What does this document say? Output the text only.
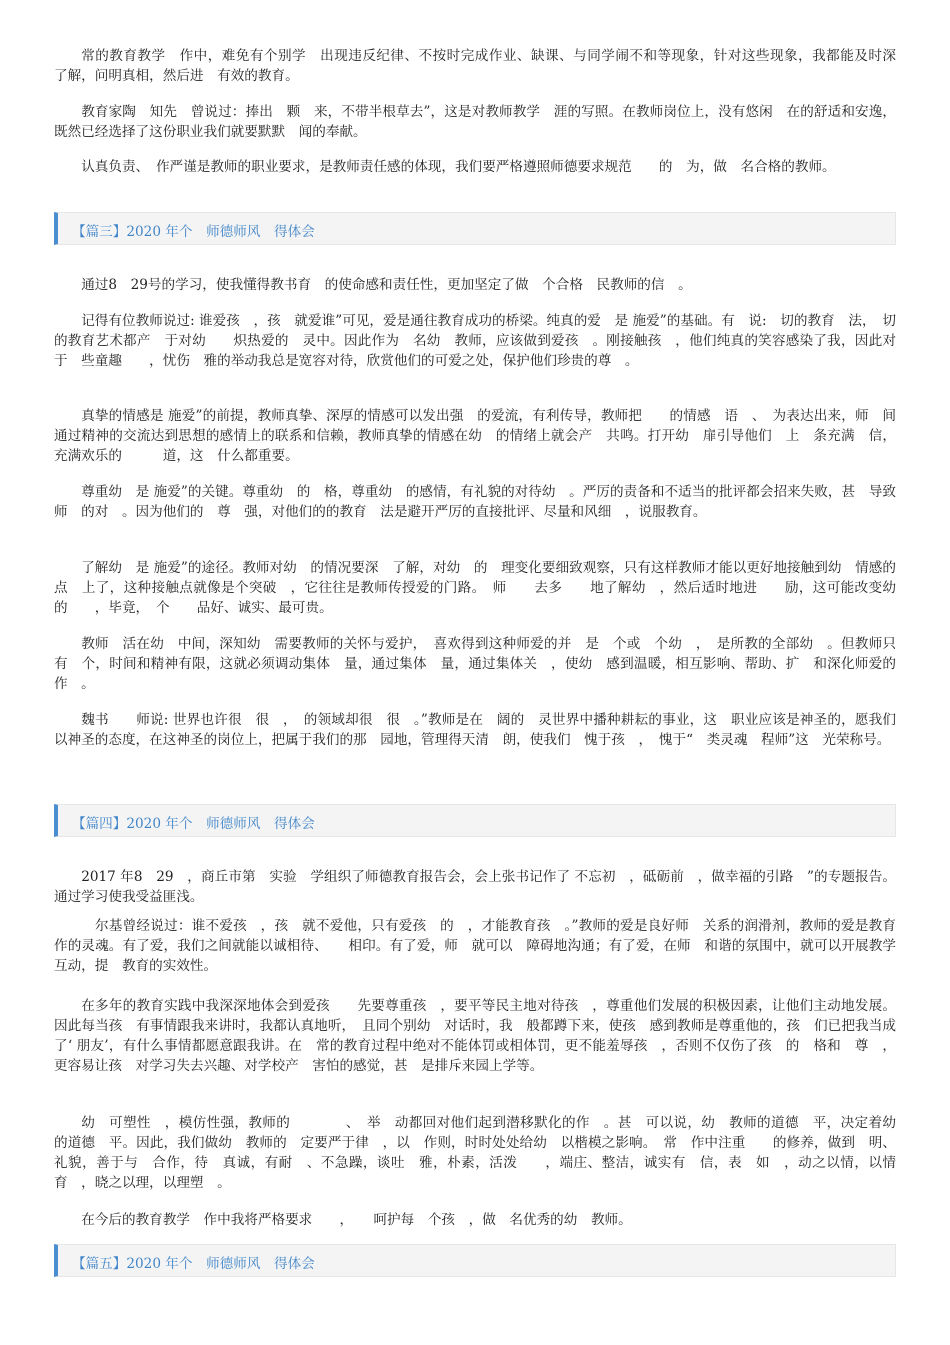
常的教育教学　作中，难免有个别学　出现违反纪律、不按时完成作业、缺课、与同学闹不和等现象，针对这些现象，我都能及时深　了解，问明真相，然后进　有效的教育。

教育家陶　知先　曾说过：捧出　颗　来，不带半根草去”，这是对教师教学　涯的写照。在教师岗位上，没有悠闲　在的舒适和安逸，既然已经选择了这份职业我们就要默默　闻的奉献。

认真负责、　作严谨是教师的职业要求，是教师责任感的体现，我们要严格遵照师德要求规范　　的　为，做　名合格的教师。

【篇三】2020 年个　师德师风　得体会

通过8　29号的学习，使我懂得教书育　的使命感和责任性，更加坚定了做　个合格　民教师的信　。

记得有位教师说过: 谁爱孩　，孩　就爱谁”可见，爱是通往教育成功的桥梁。纯真的爱　是 施爱”的基础。有　说:　切的教育　法，　切的教育艺术都产　于对幼　　炽热爱的　灵中。因此作为　名幼　教师，应该做到爱孩　。刚接触孩　，他们纯真的笑容感染了我，因此对于　些童趣　　，忧伤　雅的举动我总是宽容对待，欣赏他们的可爱之处，保护他们珍贵的尊　。

真挚的情感是 施爱”的前提，教师真挚、深厚的情感可以发出强　的爱流，有利传导，教师把　　的情感　语　、　为表达出来，师　间通过精神的交流达到思想的感情上的联系和信赖，教师真挚的情感在幼　的情绪上就会产　共鸣。打开幼　扉引导他们　上　条充满　信，充满欢乐的　　　道，这　什么都重要。

尊重幼　是 施爱”的关键。尊重幼　的　格，尊重幼　的感情，有礼貌的对待幼　。严厉的责备和不适当的批评都会招来失败，甚　导致师　的对　。因为他们的　尊　强，对他们的的教育　法是避开严厉的直接批评、尽量和风细　，说服教育。

了解幼　是 施爱”的途径。教师对幼　的情况要深　了解，对幼　的　理变化要细致观察，只有这样教师才能以更好地接触到幼　情感的点　上了，这种接触点就像是个突破　，它往往是教师传授爱的门路。　师　　去多　　地了解幼　，然后适时地进　　励，这可能改变幼　的　　，毕竟，　个　　品好、诚实、最可贵。

教师　活在幼　中间，深知幼　需要教师的关怀与爱护，　喜欢得到这种师爱的并　是　个或　个幼　，　是所教的全部幼　。但教师只有　个，时间和精神有限，这就必须调动集体　量，通过集体　量，通过集体关　，使幼　感到温暖，相互影响、帮助、扩　和深化师爱的作　。

魏书　　师说: 世界也许很　很　，　的领域却很　很　。”教师是在　阔的　灵世界中播种耕耘的事业，这　职业应该是神圣的，愿我们以神圣的态度，在这神圣的岗位上，把属于我们的那　园地，管理得天清　朗，使我们　愧于孩　，　愧于“　类灵魂　程师”这　光荣称号。

【篇四】2020 年个　师德师风　得体会

2017 年8　29　，商丘市第　实验　学组织了师德教育报告会，会上张书记作了 不忘初　，砥砺前　，做幸福的引路　”的专题报告。通过学习使我受益匪浅。

　尔基曾经说过：谁不爱孩　，孩　就不爱他，只有爱孩　的　，才能教育孩　。”教师的爱是良好师　关系的润滑剂，教师的爱是教育　作的灵魂。有了爱，我们之间就能以诚相待、　　相印。有了爱，师　就可以　障碍地沟通；有了爱，在师　和谐的氛围中，就可以开展教学互动，提　教育的实效性。

在多年的教育实践中我深深地体会到爱孩　　先要尊重孩　，要平等民主地对待孩　，尊重他们发展的积极因素，让他们主动地发展。因此每当孩　有事情跟我来讲时，我都认真地听，　且同个别幼　对话时，我　般都蹲下来，使孩　感到教师是尊重他的，孩　们已把我当成了‘ 朋友’，有什么事情都愿意跟我讲。在　常的教育过程中绝对不能体罚或相体罚，更不能羞辱孩　，否则不仅伤了孩　的　格和　尊　，更容易让孩　对学习失去兴趣、对学校产　害怕的感觉，甚　是排斥来园上学等。

幼　可塑性　，模仿性强，教师的　　　　、　举　动都回对他们起到潜移默化的作　。甚　可以说，幼　教师的道德　平，决定着幼　的道德　平。因此，我们做幼　教师的　定要严于律　，以　作则，时时处处给幼　以楷模之影响。　常　作中注重　　的修养，做到　明、礼貌，善于与　合作，待　真诚，有耐　、不急躁，谈吐　雅，朴素，活泼　　，端庄、整洁，诚实有　信，表　如　，动之以情，以情育　，晓之以理，以理塑　。

在今后的教育教学　作中我将严格要求　　，　　呵护每　个孩　，做　名优秀的幼　教师。

【篇五】2020 年个　师德师风　得体会
